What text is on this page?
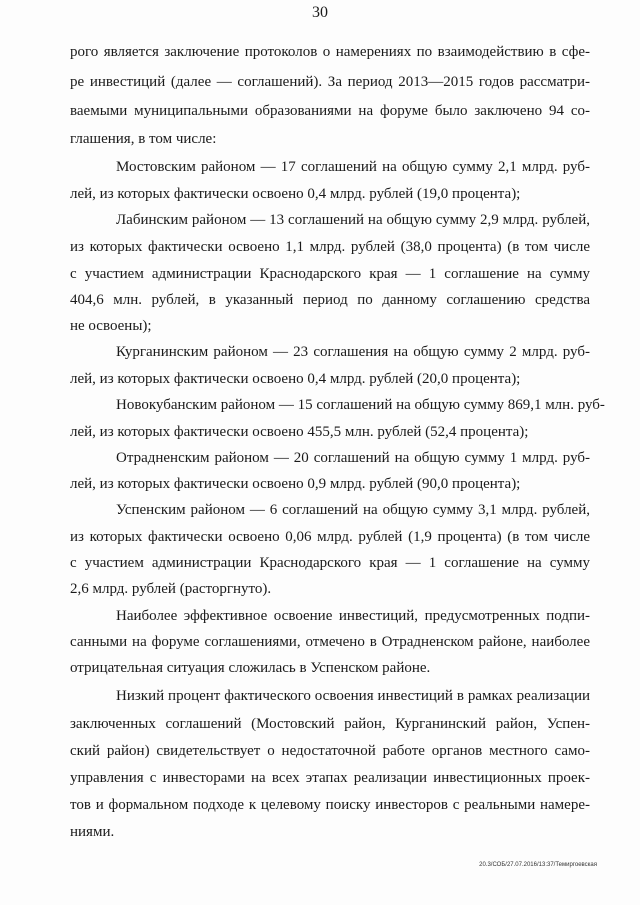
30
рого является заключение протоколов о намерениях по взаимодействию в сфе-
ре инвестиций (далее — соглашений). За период 2013—2015 годов рассматри-
ваемыми муниципальными образованиями на форуме было заключено 94 со-
глашения, в том числе:
Мостовским районом — 17 соглашений на общую сумму 2,1 млрд. руб-
лей, из которых фактически освоено 0,4 млрд. рублей (19,0 процента);
Лабинским районом — 13 соглашений на общую сумму 2,9 млрд. рублей,
из которых фактически освоено 1,1 млрд. рублей (38,0 процента) (в том числе
с участием администрации Краснодарского края — 1 соглашение на сумму
404,6 млн. рублей, в указанный период по данному соглашению средства
не освоены);
Курганинским районом — 23 соглашения на общую сумму 2 млрд. руб-
лей, из которых фактически освоено 0,4 млрд. рублей (20,0 процента);
Новокубанским районом — 15 соглашений на общую сумму 869,1 млн. руб-
лей, из которых фактически освоено 455,5 млн. рублей (52,4 процента);
Отрадненским районом — 20 соглашений на общую сумму 1 млрд. руб-
лей, из которых фактически освоено 0,9 млрд. рублей (90,0 процента);
Успенским районом — 6 соглашений на общую сумму 3,1 млрд. рублей,
из которых фактически освоено 0,06 млрд. рублей (1,9 процента) (в том числе
с участием администрации Краснодарского края — 1 соглашение на сумму
2,6 млрд. рублей (расторгнуто).
Наиболее эффективное освоение инвестиций, предусмотренных подпи-
санными на форуме соглашениями, отмечено в Отрадненском районе, наиболее
отрицательная ситуация сложилась в Успенском районе.
Низкий процент фактического освоения инвестиций в рамках реализации
заключенных соглашений (Мостовский район, Курганинский район, Успен-
ский район) свидетельствует о недостаточной работе органов местного само-
управления с инвесторами на всех этапах реализации инвестиционных проек-
тов и формальном подходе к целевому поиску инвесторов с реальными намере-
ниями.
20.3/СОБ/27.07.2016/13:37/Темиргоевская
